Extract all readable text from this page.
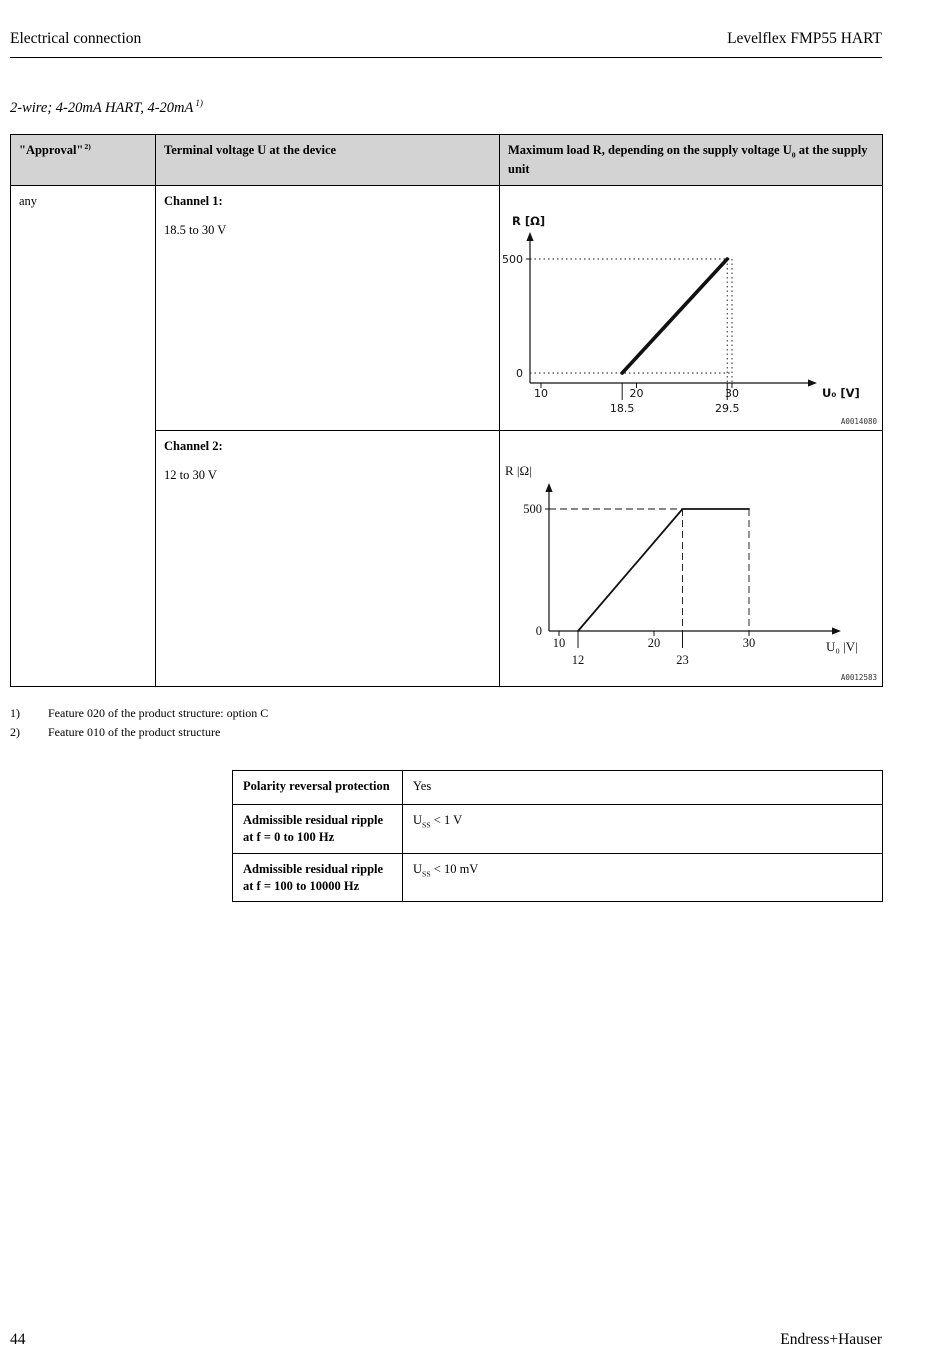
Electrical connection	Levelflex FMP55 HART
2-wire; 4-20mA HART, 4-20mA $^{1)}$
"Approval"$^{2)}$	Terminal voltage U at the device	Maximum load R, depending on the supply voltage $U_0$ at the supply unit
any	Channel 1:
18.5 to 30 V

500
0
10	20	30
18.5	29.5
R [Ω]
U₀ [V]
A0014080

Channel 2:
12 to 30 V

500
0
10	20	30
12	23
R |Ω|
U₀ |V|
A0012583
1)	Feature 020 of the product structure: option C
2)	Feature 010 of the product structure
Polarity reversal protection	Yes
Admissible residual ripple at f = 0 to 100 Hz	$U_{SS} < 1$ V
Admissible residual ripple at f = 100 to 10000 Hz	$U_{SS} < 10$ mV
44	Endress+Hauser
